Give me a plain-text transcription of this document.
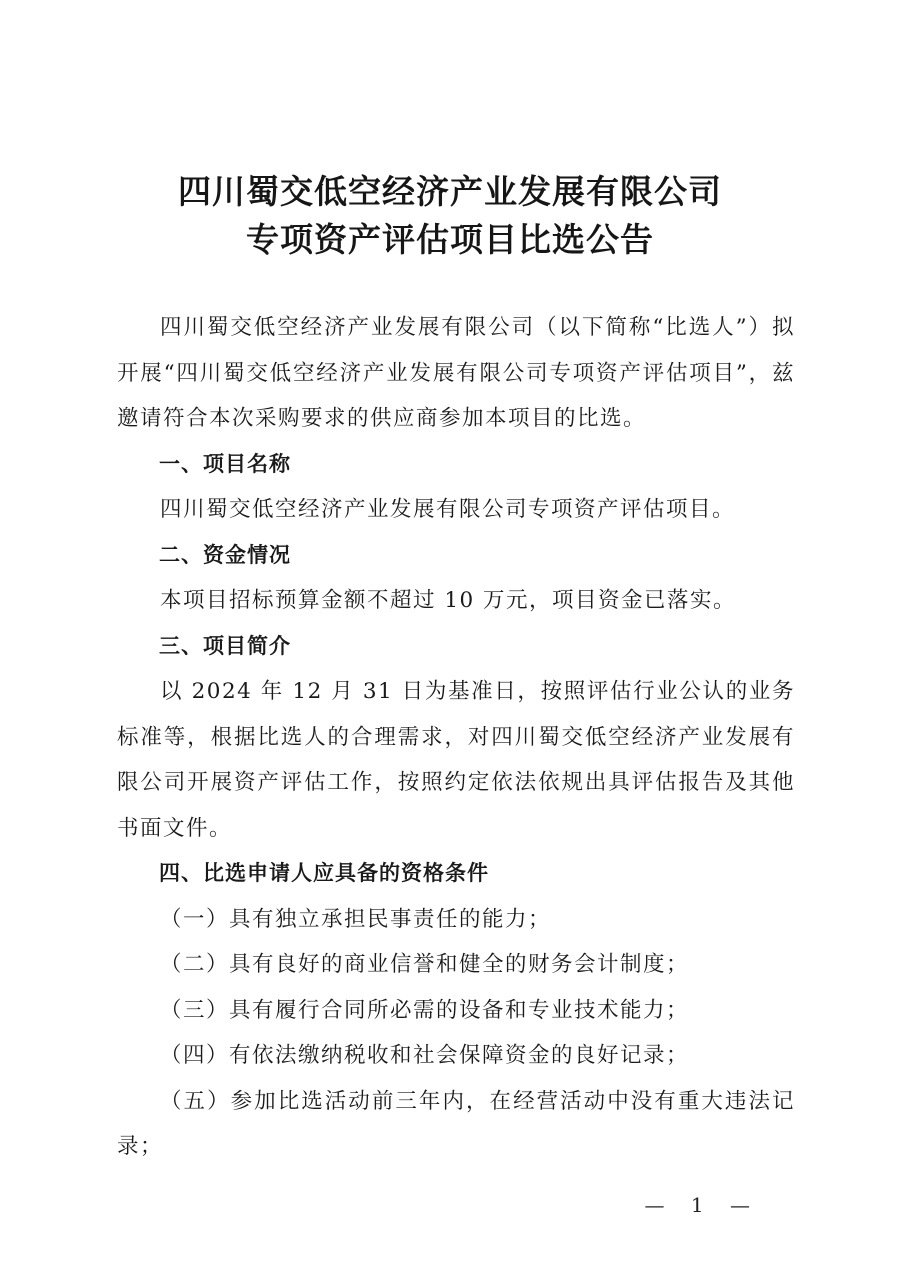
四川蜀交低空经济产业发展有限公司
专项资产评估项目比选公告

四川蜀交低空经济产业发展有限公司（以下简称“比选人”）拟开展“四川蜀交低空经济产业发展有限公司专项资产评估项目”，兹邀请符合本次采购要求的供应商参加本项目的比选。

一、项目名称

四川蜀交低空经济产业发展有限公司专项资产评估项目。

二、资金情况

本项目招标预算金额不超过 10 万元，项目资金已落实。

三、项目简介

以 2024 年 12 月 31 日为基准日，按照评估行业公认的业务标准等，根据比选人的合理需求，对四川蜀交低空经济产业发展有限公司开展资产评估工作，按照约定依法依规出具评估报告及其他书面文件。

四、比选申请人应具备的资格条件

（一）具有独立承担民事责任的能力；

（二）具有良好的商业信誉和健全的财务会计制度；

（三）具有履行合同所必需的设备和专业技术能力；

（四）有依法缴纳税收和社会保障资金的良好记录；

（五）参加比选活动前三年内，在经营活动中没有重大违法记录；

— 1 —
